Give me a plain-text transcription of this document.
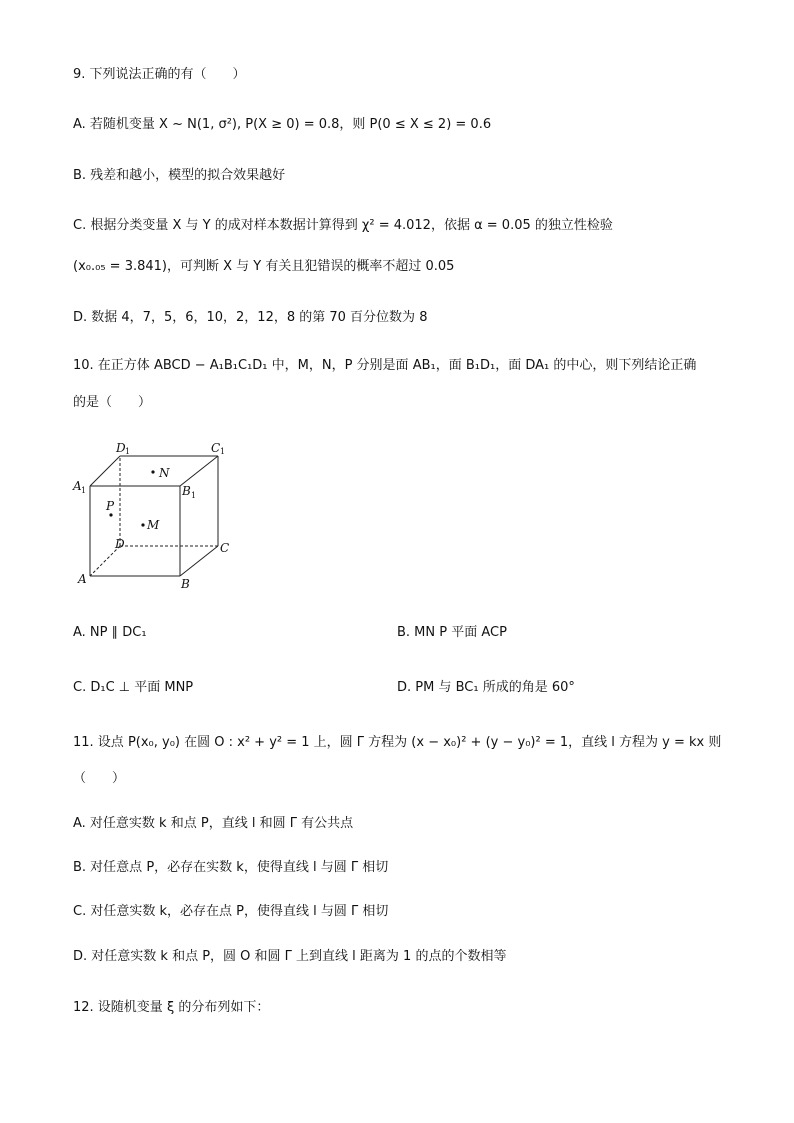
9. 下列说法正确的有（　　）
A. 若随机变量 X ~ N(1, σ²), P(X ≥ 0) = 0.8，则 P(0 ≤ X ≤ 2) = 0.6
B. 残差和越小，模型的拟合效果越好
C. 根据分类变量 X 与 Y 的成对样本数据计算得到 χ² = 4.012，依据 α = 0.05 的独立性检验
(x₀.₀₅ = 3.841)，可判断 X 与 Y 有关且犯错误的概率不超过 0.05
D. 数据 4，7，5，6，10，2，12，8 的第 70 百分位数为 8
10. 在正方体 ABCD − A₁B₁C₁D₁ 中，M，N，P 分别是面 AB₁，面 B₁D₁，面 DA₁ 的中心，则下列结论正确
的是（　　）
D 1	C 1
A 1	B 1
D	C
A	B
N
P
M
A. NP ∥ DC₁	B. MN P 平面 ACP
C. D₁C ⊥ 平面 MNP	D. PM 与 BC₁ 所成的角是 60°
11. 设点 P(x₀, y₀) 在圆 O : x² + y² = 1 上，圆 Γ 方程为 (x − x₀)² + (y − y₀)² = 1，直线 l 方程为 y = kx 则
（　　）
A. 对任意实数 k 和点 P，直线 l 和圆 Γ 有公共点
B. 对任意点 P，必存在实数 k，使得直线 l 与圆 Γ 相切
C. 对任意实数 k，必存在点 P，使得直线 l 与圆 Γ 相切
D. 对任意实数 k 和点 P，圆 O 和圆 Γ 上到直线 l 距离为 1 的点的个数相等
12. 设随机变量 ξ 的分布列如下：
